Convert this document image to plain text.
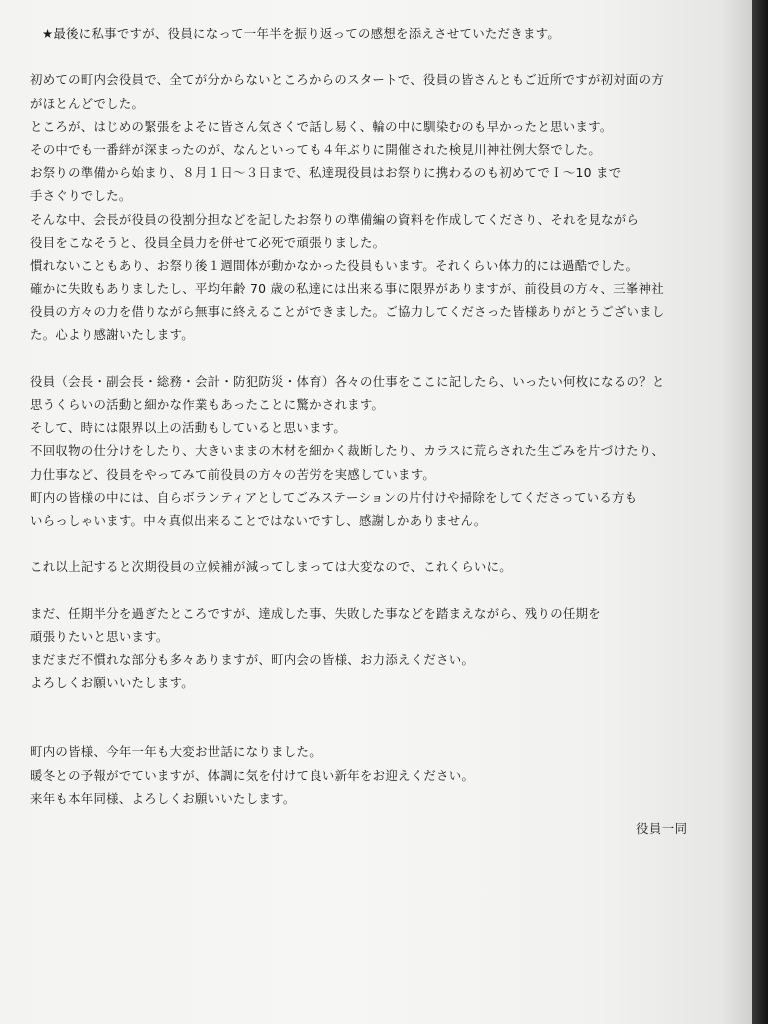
★最後に私事ですが、役員になって一年半を振り返っての感想を添えさせていただきます。
初めての町内会役員で、全てが分からないところからのスタートで、役員の皆さんともご近所ですが初対面の方
がほとんどでした。
ところが、はじめの緊張をよそに皆さん気さくで話し易く、輪の中に馴染むのも早かったと思います。
その中でも一番絆が深まったのが、なんといっても４年ぶりに開催された検見川神社例大祭でした。
お祭りの準備から始まり、８月１日～３日まで、私達現役員はお祭りに携わるのも初めてでＩ～10 まで
手さぐりでした。
そんな中、会長が役員の役割分担などを記したお祭りの準備編の資料を作成してくださり、それを見ながら
役目をこなそうと、役員全員力を併せて必死で頑張りました。
慣れないこともあり、お祭り後１週間体が動かなかった役員もいます。それくらい体力的には過酷でした。
確かに失敗もありましたし、平均年齢 70 歳の私達には出来る事に限界がありますが、前役員の方々、三峯神社
役員の方々の力を借りながら無事に終えることができました。ご協力してくださった皆様ありがとうございまし
た。心より感謝いたします。
役員（会長・副会長・総務・会計・防犯防災・体育）各々の仕事をここに記したら、いったい何枚になるの？と
思うくらいの活動と細かな作業もあったことに驚かされます。
そして、時には限界以上の活動もしていると思います。
不回収物の仕分けをしたり、大きいままの木材を細かく裁断したり、カラスに荒らされた生ごみを片づけたり、
力仕事など、役員をやってみて前役員の方々の苦労を実感しています。
町内の皆様の中には、自らボランティアとしてごみステーションの片付けや掃除をしてくださっている方も
いらっしゃいます。中々真似出来ることではないですし、感謝しかありません。
これ以上記すると次期役員の立候補が減ってしまっては大変なので、これくらいに。
まだ、任期半分を過ぎたところですが、達成した事、失敗した事などを踏まえながら、残りの任期を
頑張りたいと思います。
まだまだ不慣れな部分も多々ありますが、町内会の皆様、お力添えください。
よろしくお願いいたします。
町内の皆様、今年一年も大変お世話になりました。
暖冬との予報がでていますが、体調に気を付けて良い新年をお迎えください。
来年も本年同様、よろしくお願いいたします。
役員一同
